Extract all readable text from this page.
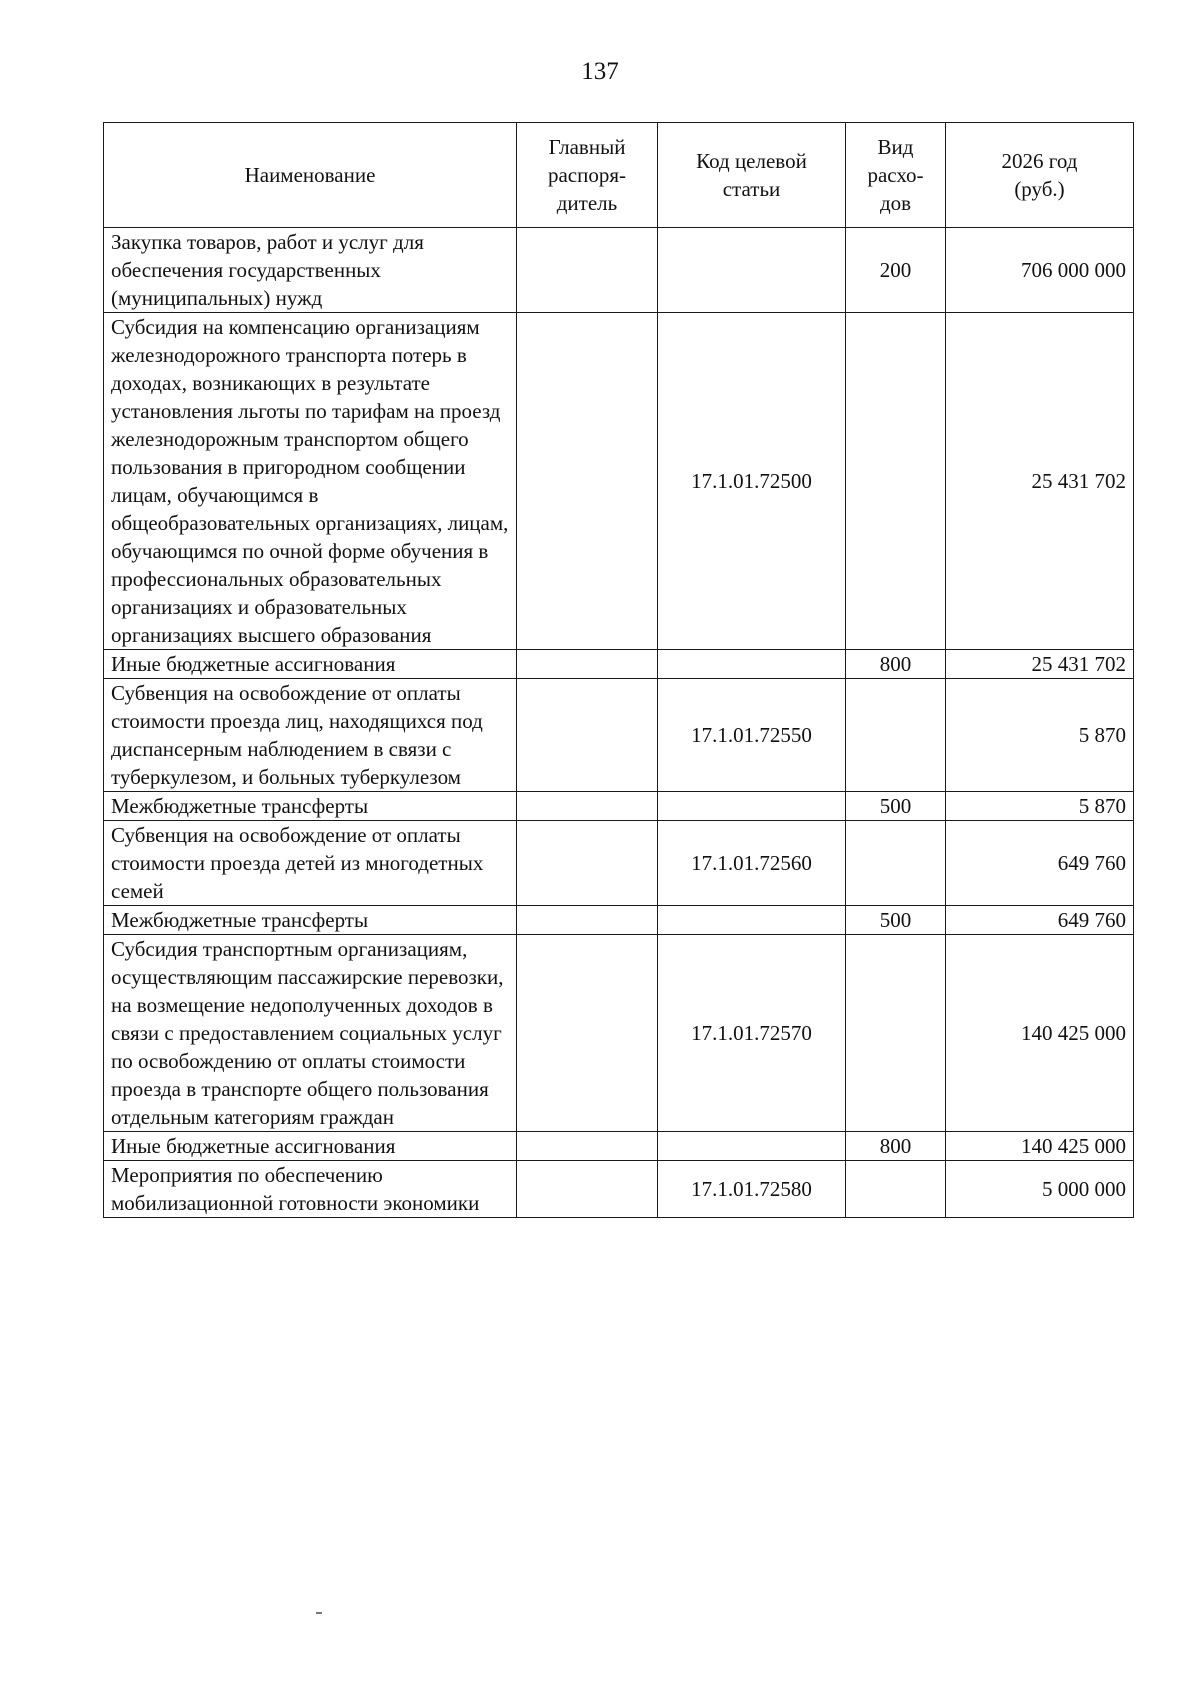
137
Наименование	Главный распоря-дитель	Код целевой статьи	Вид расхо-дов	2026 год (руб.)

Закупка товаров, работ и услуг для обеспечения государственных (муниципальных) нужд			200	706 000 000
Субсидия на компенсацию организациям железнодорожного транспорта потерь в доходах, возникающих в результате установления льготы по тарифам на проезд железнодорожным транспортом общего пользования в пригородном сообщении лицам, обучающимся в общеобразовательных организациях, лицам, обучающимся по очной форме обучения в профессиональных образовательных организациях и образовательных организациях высшего образования		17.1.01.72500		25 431 702
Иные бюджетные ассигнования			800	25 431 702
Субвенция на освобождение от оплаты стоимости проезда лиц, находящихся под диспансерным наблюдением в связи с туберкулезом, и больных туберкулезом		17.1.01.72550		5 870
Межбюджетные трансферты			500	5 870
Субвенция на освобождение от оплаты стоимости проезда детей из многодетных семей		17.1.01.72560		649 760
Межбюджетные трансферты			500	649 760
Субсидия транспортным организациям, осуществляющим пассажирские перевозки, на возмещение недополученных доходов в связи с предоставлением социальных услуг по освобождению от оплаты стоимости проезда в транспорте общего пользования отдельным категориям граждан		17.1.01.72570		140 425 000
Иные бюджетные ассигнования			800	140 425 000
Мероприятия по обеспечению мобилизационной готовности экономики		17.1.01.72580		5 000 000
